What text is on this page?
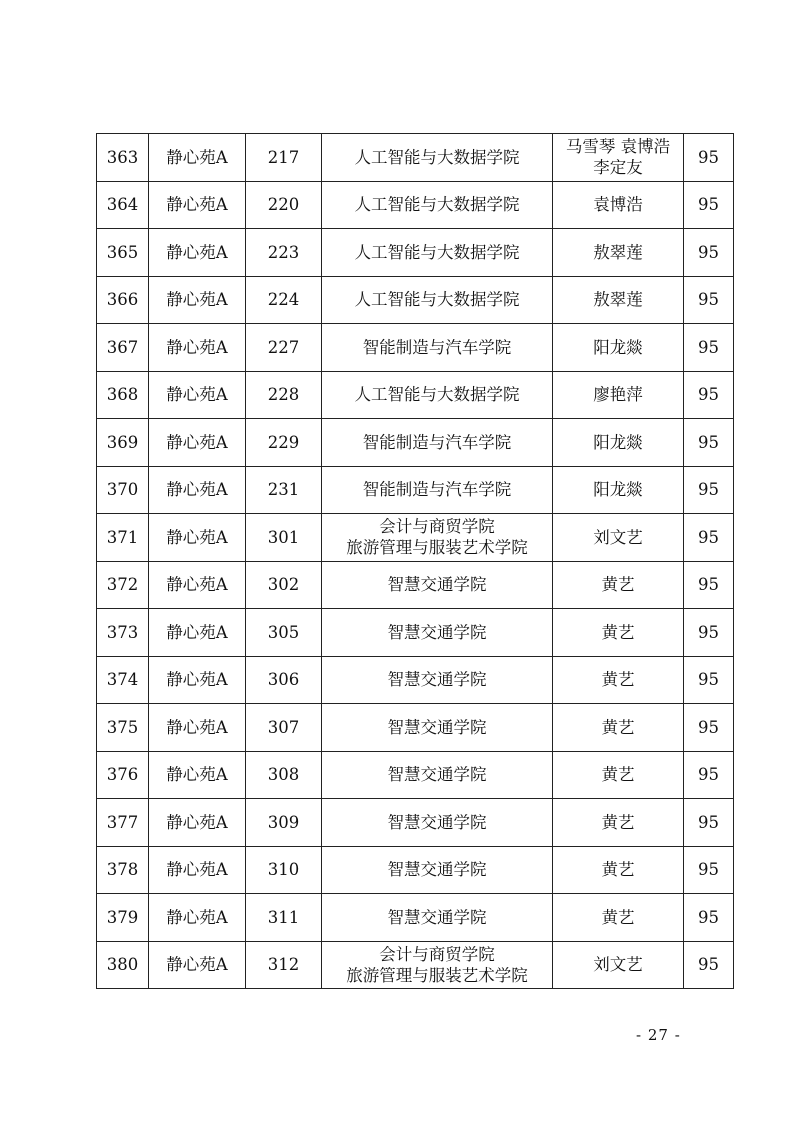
363	静心苑A	217	人工智能与大数据学院	马雪琴 袁博浩
李定友	95
364	静心苑A	220	人工智能与大数据学院	袁博浩	95
365	静心苑A	223	人工智能与大数据学院	敖翠莲	95
366	静心苑A	224	人工智能与大数据学院	敖翠莲	95
367	静心苑A	227	智能制造与汽车学院	阳龙燚	95
368	静心苑A	228	人工智能与大数据学院	廖艳萍	95
369	静心苑A	229	智能制造与汽车学院	阳龙燚	95
370	静心苑A	231	智能制造与汽车学院	阳龙燚	95
371	静心苑A	301	会计与商贸学院
旅游管理与服装艺术学院	刘文艺	95
372	静心苑A	302	智慧交通学院	黄艺	95
373	静心苑A	305	智慧交通学院	黄艺	95
374	静心苑A	306	智慧交通学院	黄艺	95
375	静心苑A	307	智慧交通学院	黄艺	95
376	静心苑A	308	智慧交通学院	黄艺	95
377	静心苑A	309	智慧交通学院	黄艺	95
378	静心苑A	310	智慧交通学院	黄艺	95
379	静心苑A	311	智慧交通学院	黄艺	95
380	静心苑A	312	会计与商贸学院
旅游管理与服装艺术学院	刘文艺	95
- 27 -
